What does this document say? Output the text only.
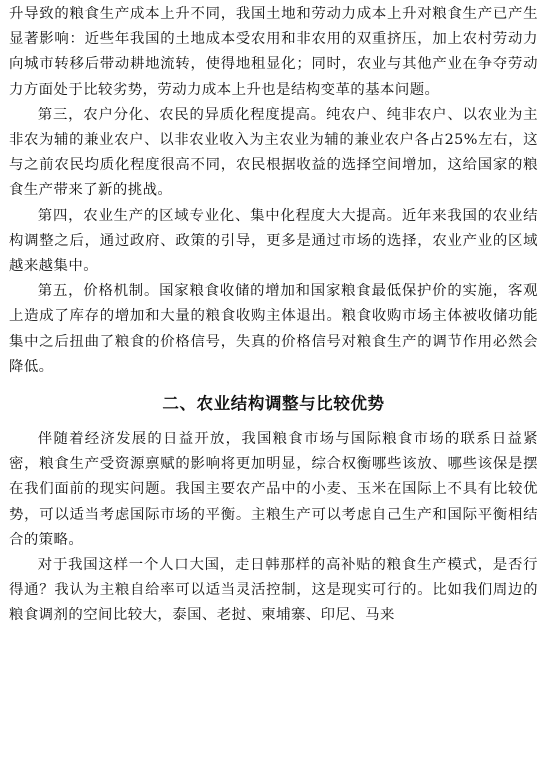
升导致的粮食生产成本上升不同，我国土地和劳动力成本上升对粮食生产已产生显著影响：近些年我国的土地成本受农用和非农用的双重挤压，加上农村劳动力向城市转移后带动耕地流转，使得地租显化；同时，农业与其他产业在争夺劳动力方面处于比较劣势，劳动力成本上升也是结构变革的基本问题。

第三，农户分化、农民的异质化程度提高。纯农户、纯非农户、以农业为主非农为辅的兼业农户、以非农业收入为主农业为辅的兼业农户各占25%左右，这与之前农民均质化程度很高不同，农民根据收益的选择空间增加，这给国家的粮食生产带来了新的挑战。

第四，农业生产的区域专业化、集中化程度大大提高。近年来我国的农业结构调整之后，通过政府、政策的引导，更多是通过市场的选择，农业产业的区域越来越集中。

第五，价格机制。国家粮食收储的增加和国家粮食最低保护价的实施，客观上造成了库存的增加和大量的粮食收购主体退出。粮食收购市场主体被收储功能集中之后扭曲了粮食的价格信号，失真的价格信号对粮食生产的调节作用必然会降低。

二、农业结构调整与比较优势

伴随着经济发展的日益开放，我国粮食市场与国际粮食市场的联系日益紧密，粮食生产受资源禀赋的影响将更加明显，综合权衡哪些该放、哪些该保是摆在我们面前的现实问题。我国主要农产品中的小麦、玉米在国际上不具有比较优势，可以适当考虑国际市场的平衡。主粮生产可以考虑自己生产和国际平衡相结合的策略。

对于我国这样一个人口大国，走日韩那样的高补贴的粮食生产模式，是否行得通？我认为主粮自给率可以适当灵活控制，这是现实可行的。比如我们周边的粮食调剂的空间比较大，泰国、老挝、柬埔寨、印尼、马来
